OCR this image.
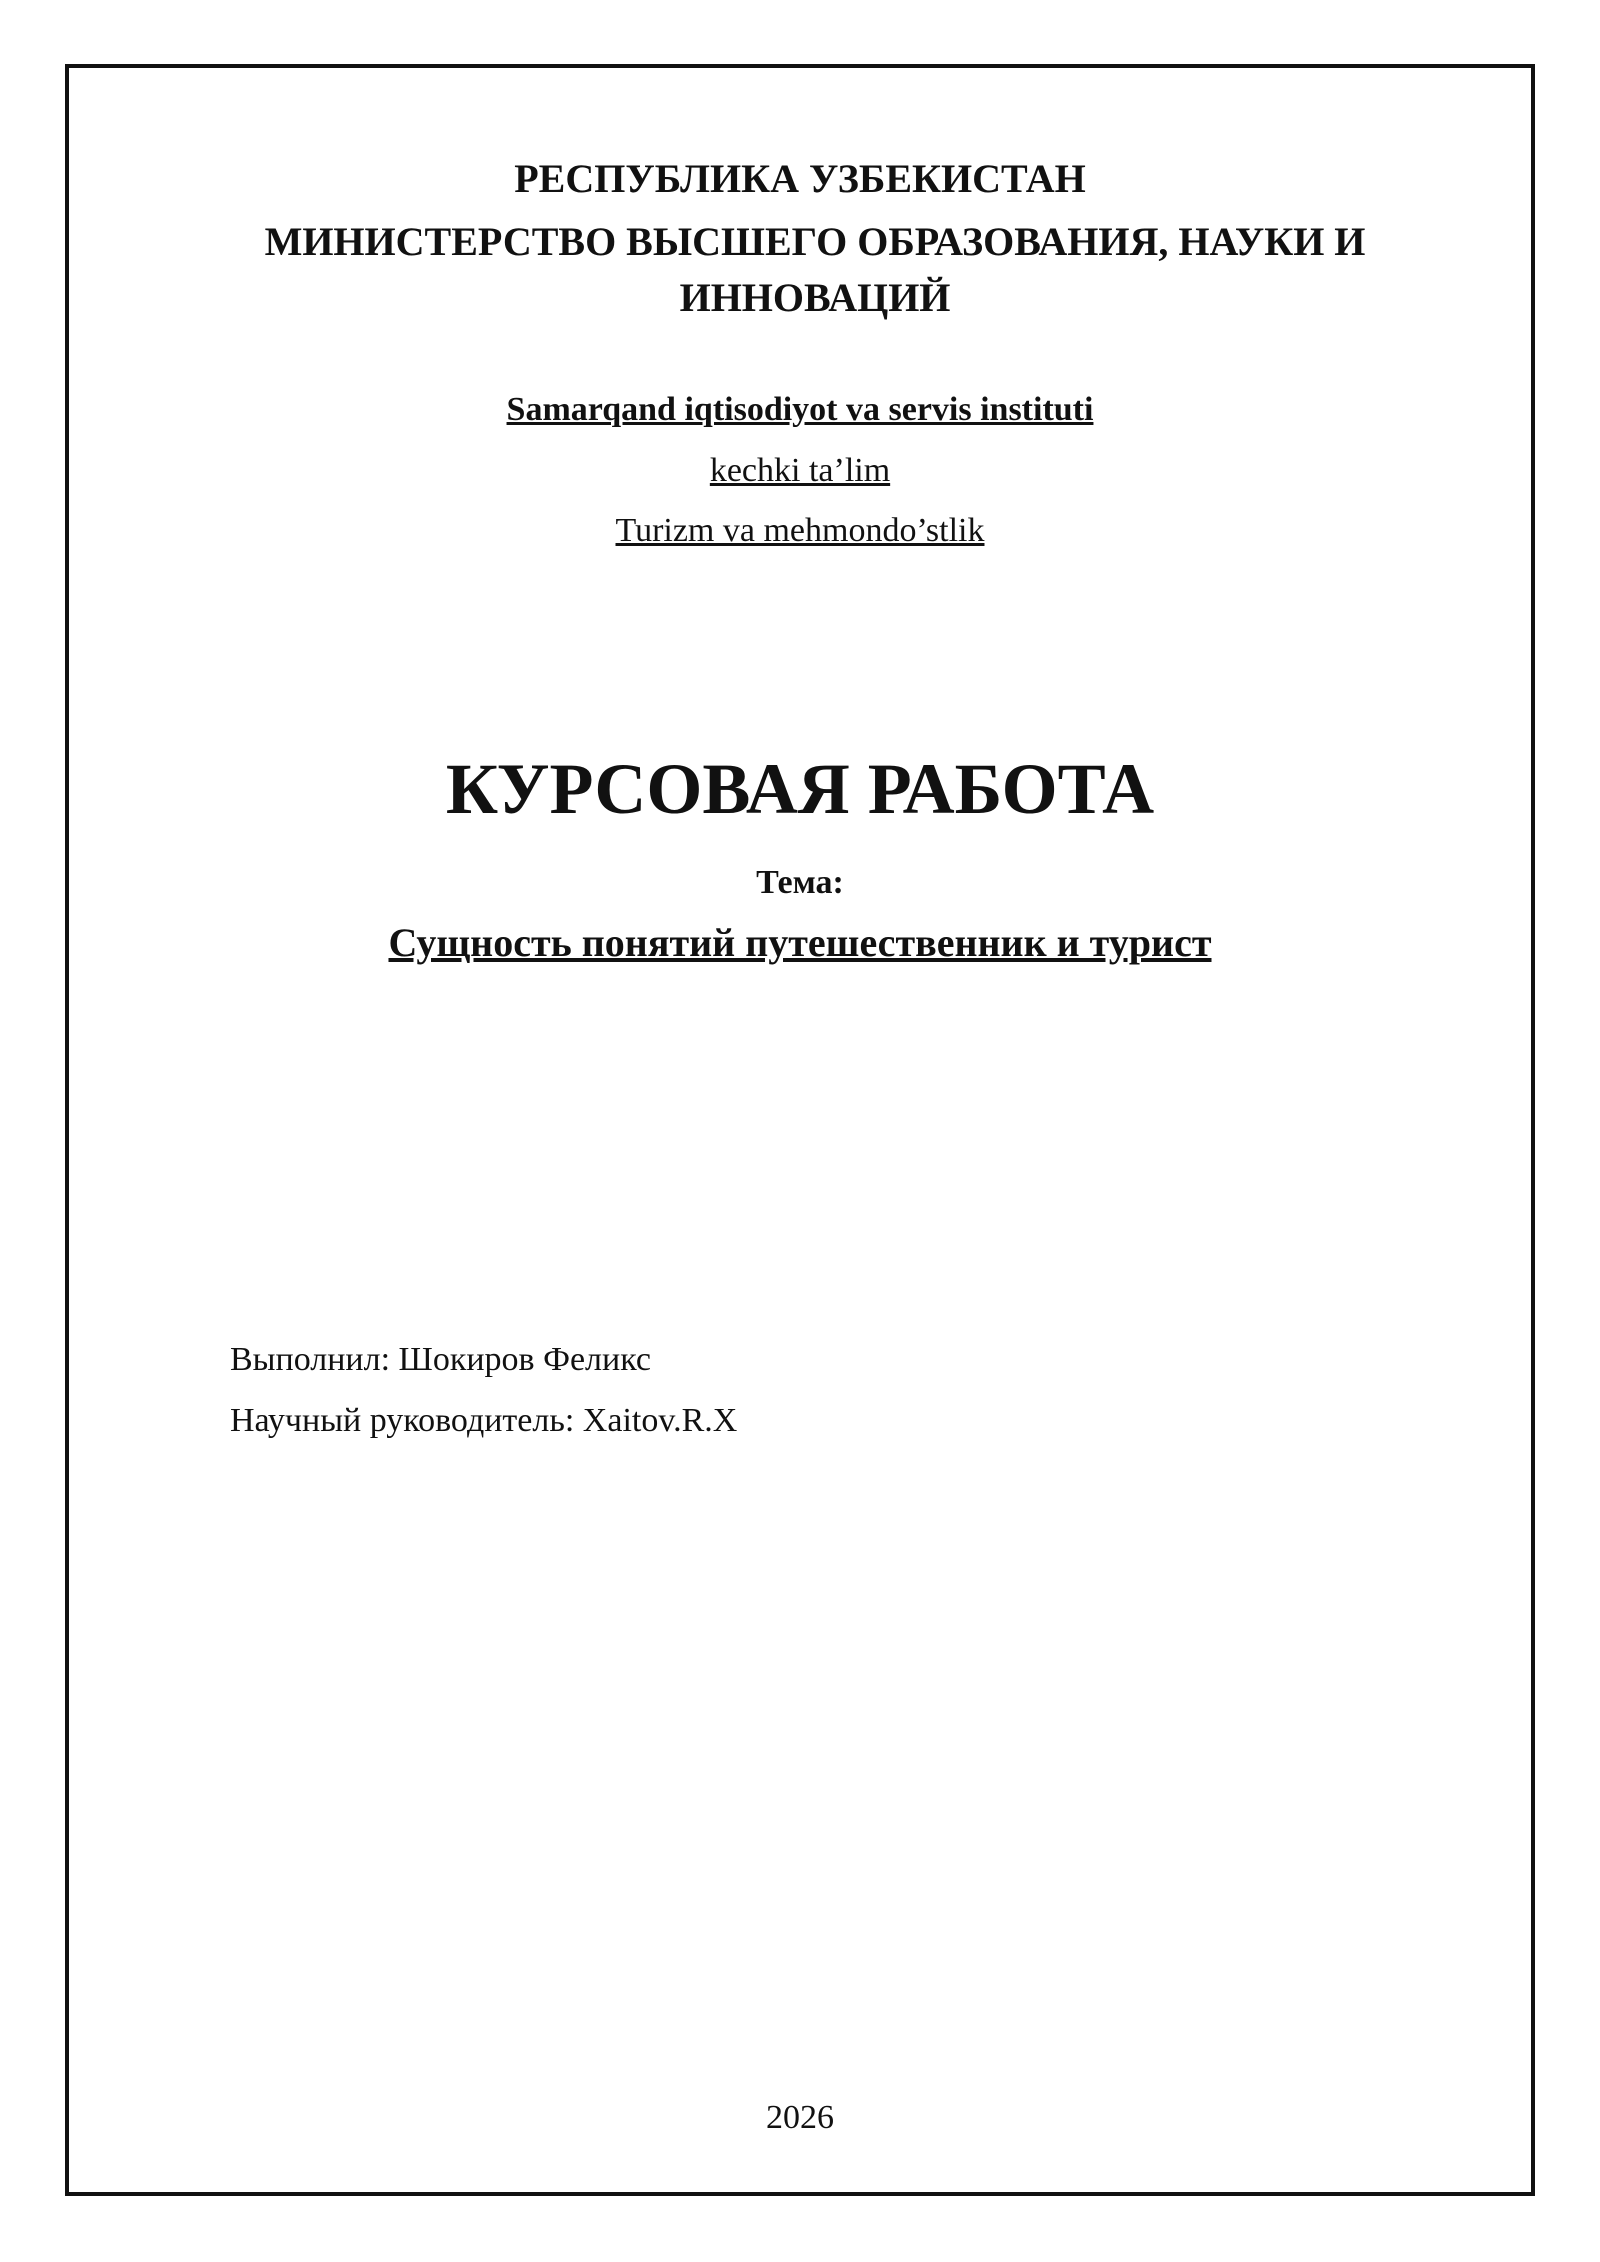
РЕСПУБЛИКА УЗБЕКИСТАН
МИНИСТЕРСТВО ВЫСШЕГО ОБРАЗОВАНИЯ, НАУКИ И ИННОВАЦИЙ
Samarqand iqtisodiyot va servis instituti
kechki ta’lim
Turizm va mehmondo’stlik
КУРСОВАЯ РАБОТА
Тема:
Сущность понятий путешественник и турист
Выполнил: Шокиров Феликс
Научный руководитель: Xaitov.R.X
2026
